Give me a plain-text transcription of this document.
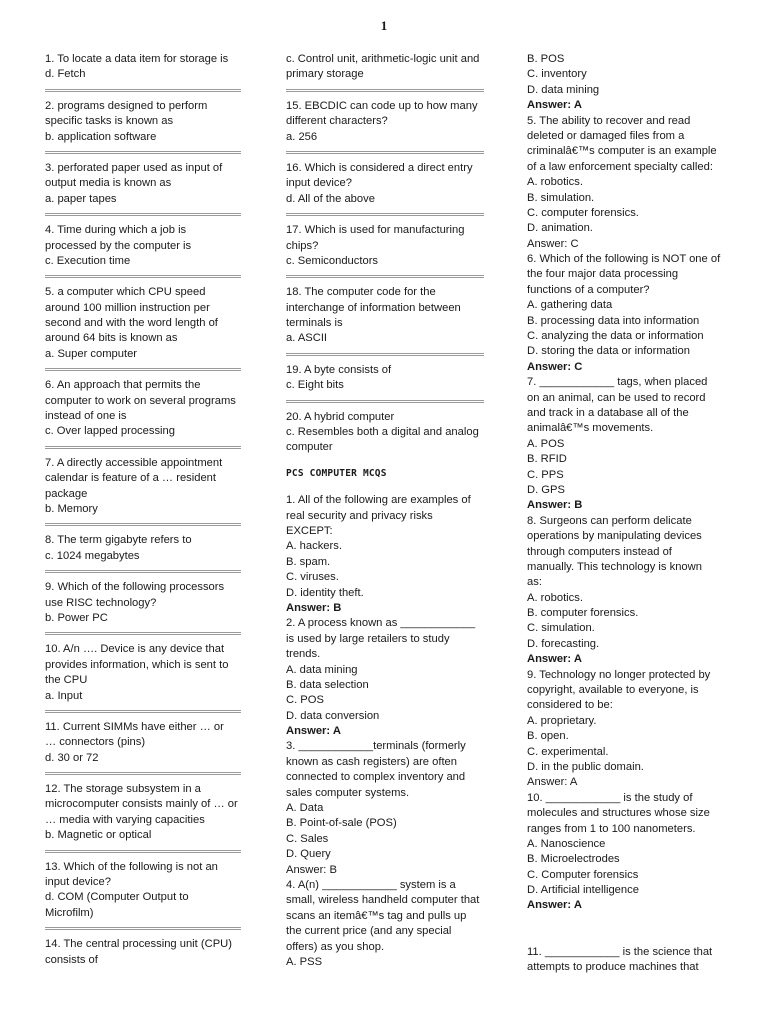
1
1. To locate a data item for storage is
d. Fetch
2. programs designed to perform
specific tasks is known as
b. application software
3. perforated paper used as input of
output media is known as
a. paper tapes
4. Time during which a job is
processed by the computer is
c. Execution time
5. a computer which CPU speed
around 100 million instruction per
second and with the word length of
around 64 bits is known as
a. Super computer
6. An approach that permits the
computer to work on several programs
instead of one is
c. Over lapped processing
7. A directly accessible appointment
calendar is feature of a … resident
package
b. Memory
8. The term gigabyte refers to
c. 1024 megabytes
9. Which of the following processors
use RISC technology?
b. Power PC
10. A/n …. Device is any device that
provides information, which is sent to
the CPU
a. Input
11. Current SIMMs have either … or
… connectors (pins)
d. 30 or 72
12. The storage subsystem in a
microcomputer consists mainly of … or
… media with varying capacities
b. Magnetic or optical
13. Which of the following is not an
input device?
d. COM (Computer Output to
Microfilm)
14. The central processing unit (CPU)
consists of
c. Control unit, arithmetic-logic unit and
primary storage
15. EBCDIC can code up to how many
different characters?
a. 256
16. Which is considered a direct entry
input device?
d. All of the above
17. Which is used for manufacturing
chips?
c. Semiconductors
18. The computer code for the
interchange of information between
terminals is
a. ASCII
19. A byte consists of
c. Eight bits
20. A hybrid computer
c. Resembles both a digital and analog
computer
PCS COMPUTER MCQS
1. All of the following are examples of
real security and privacy risks
EXCEPT:
A. hackers.
B. spam.
C. viruses.
D. identity theft.
Answer: B
2. A process known as ____________
is used by large retailers to study
trends.
A. data mining
B. data selection
C. POS
D. data conversion
Answer: A
3. ____________terminals (formerly
known as cash registers) are often
connected to complex inventory and
sales computer systems.
A. Data
B. Point-of-sale (POS)
C. Sales
D. Query
Answer: B
4. A(n) ____________ system is a
small, wireless handheld computer that
scans an itemâ€™s tag and pulls up
the current price (and any special
offers) as you shop.
A. PSS
B. POS
C. inventory
D. data mining
Answer: A
5. The ability to recover and read
deleted or damaged files from a
criminalâ€™s computer is an example
of a law enforcement specialty called:
A. robotics.
B. simulation.
C. computer forensics.
D. animation.
Answer: C
6. Which of the following is NOT one of
the four major data processing
functions of a computer?
A. gathering data
B. processing data into information
C. analyzing the data or information
D. storing the data or information
Answer: C
7. ____________ tags, when placed
on an animal, can be used to record
and track in a database all of the
animalâ€™s movements.
A. POS
B. RFID
C. PPS
D. GPS
Answer: B
8. Surgeons can perform delicate
operations by manipulating devices
through computers instead of
manually. This technology is known
as:
A. robotics.
B. computer forensics.
C. simulation.
D. forecasting.
Answer: A
9. Technology no longer protected by
copyright, available to everyone, is
considered to be:
A. proprietary.
B. open.
C. experimental.
D. in the public domain.
Answer: A
10. ____________ is the study of
molecules and structures whose size
ranges from 1 to 100 nanometers.
A. Nanoscience
B. Microelectrodes
C. Computer forensics
D. Artificial intelligence
Answer: A
11. ____________ is the science that
attempts to produce machines that
